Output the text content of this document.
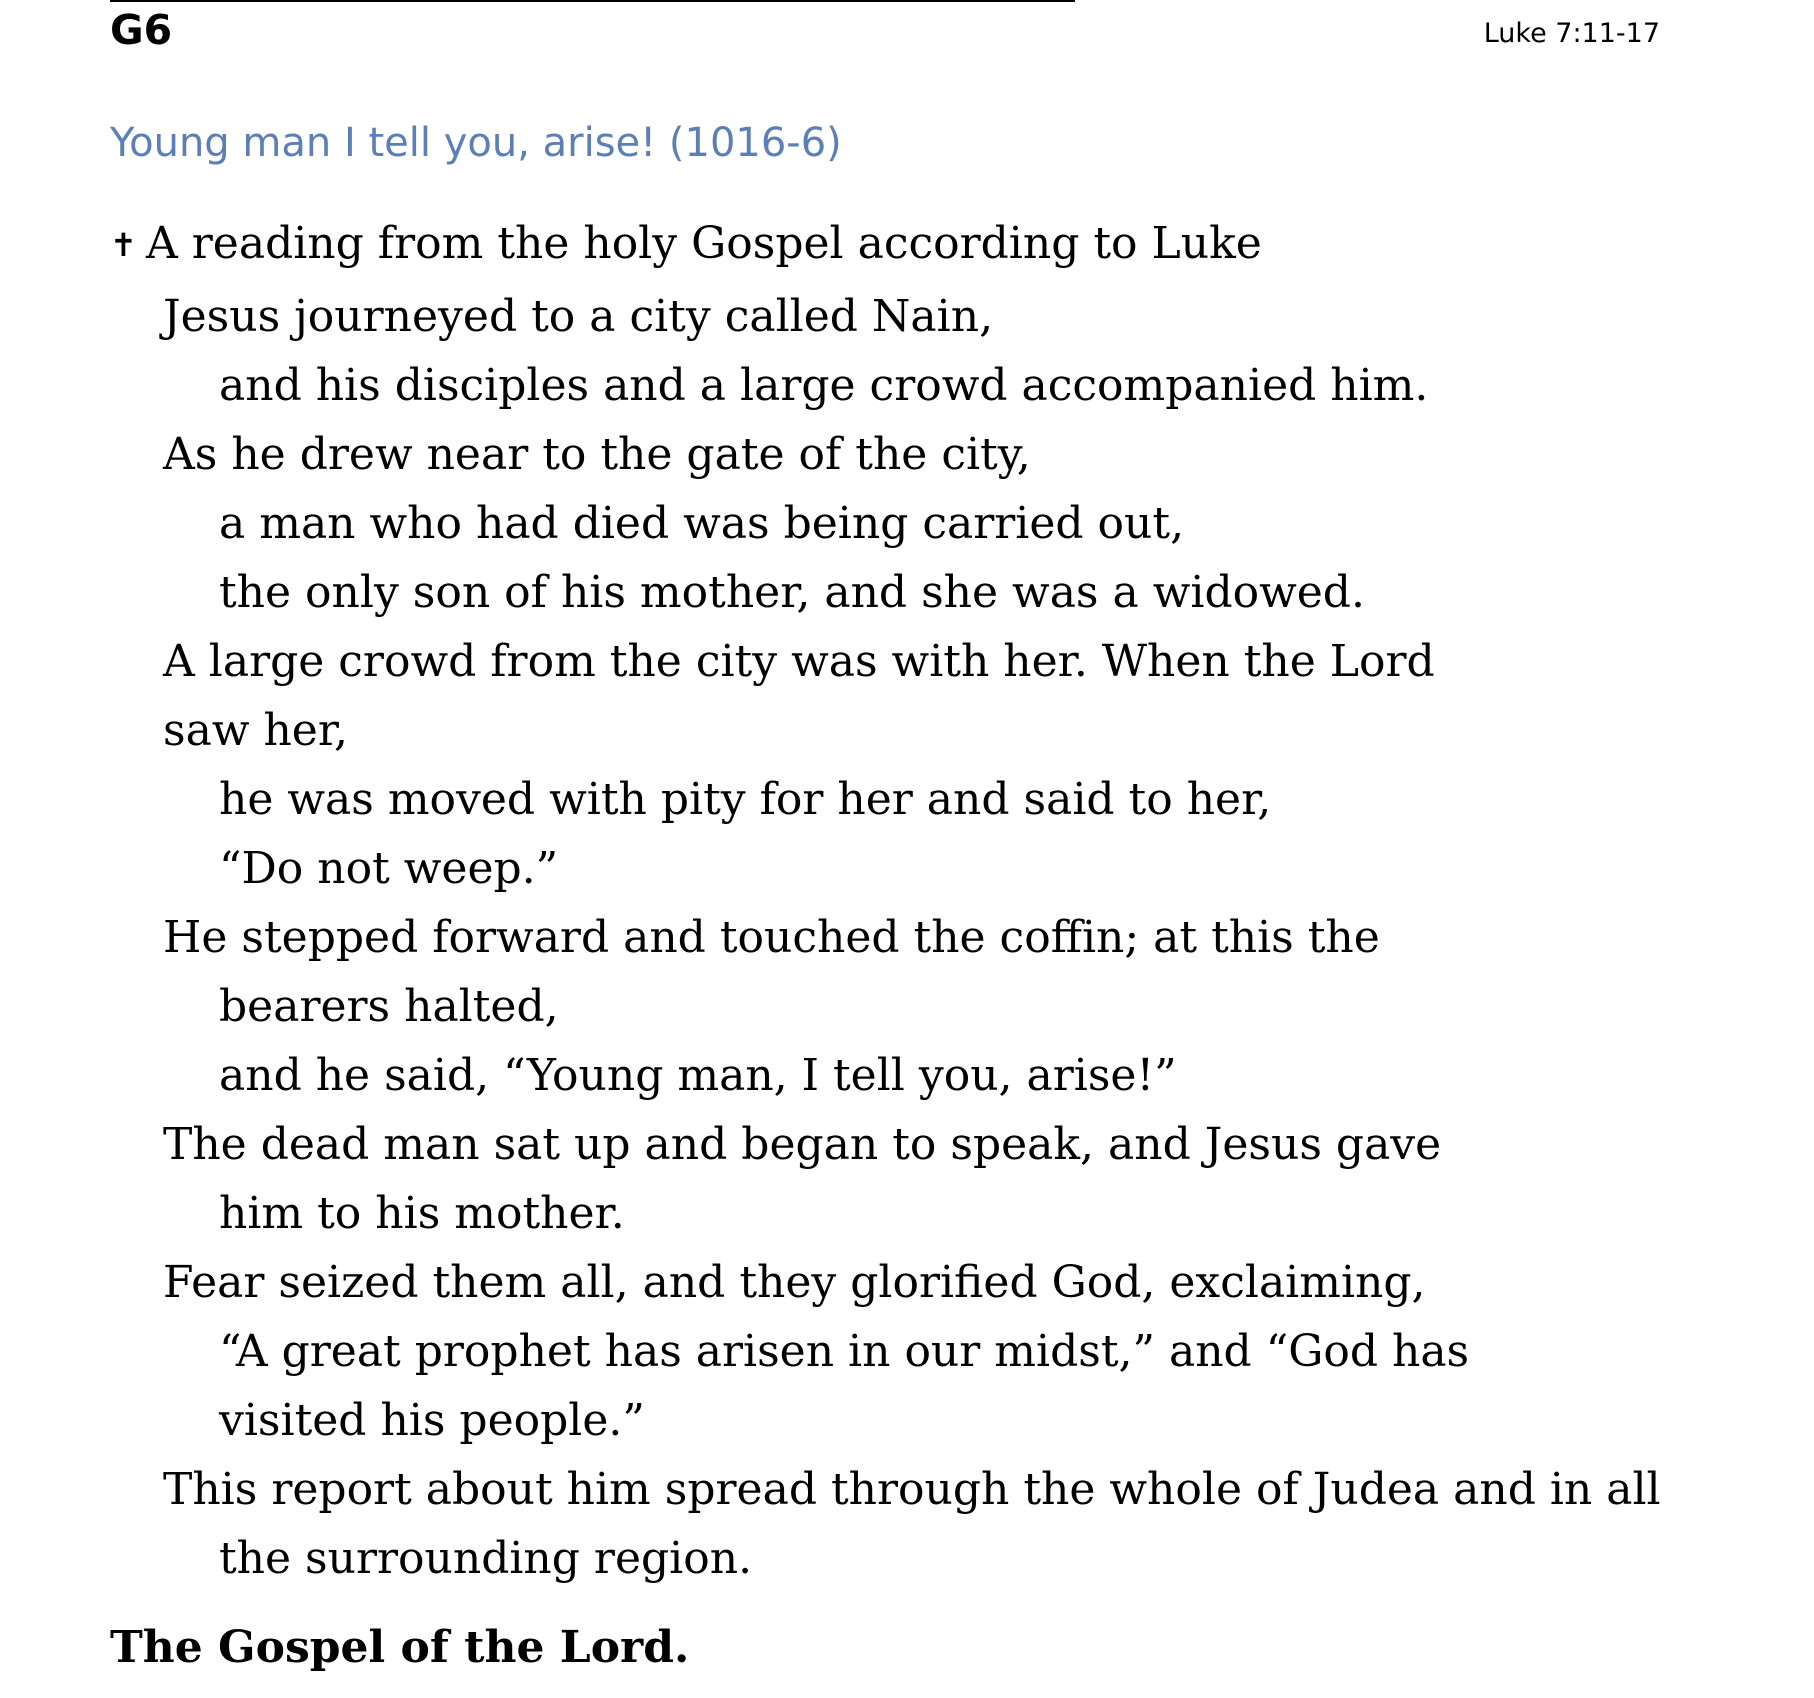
G6	Luke 7:11-17
Young man I tell you, arise! (1016-6)
✝ A reading from the holy Gospel according to Luke
Jesus journeyed to a city called Nain,
and his disciples and a large crowd accompanied him.
As he drew near to the gate of the city,
a man who had died was being carried out,
the only son of his mother, and she was a widowed.
A large crowd from the city was with her. When the Lord
saw her,
he was moved with pity for her and said to her,
“Do not weep.”
He stepped forward and touched the coffin; at this the
bearers halted,
and he said, “Young man, I tell you, arise!”
The dead man sat up and began to speak, and Jesus gave
him to his mother.
Fear seized them all, and they glorified God, exclaiming,
“A great prophet has arisen in our midst,” and “God has
visited his people.”
This report about him spread through the whole of Judea and in all
the surrounding region.
The Gospel of the Lord.
